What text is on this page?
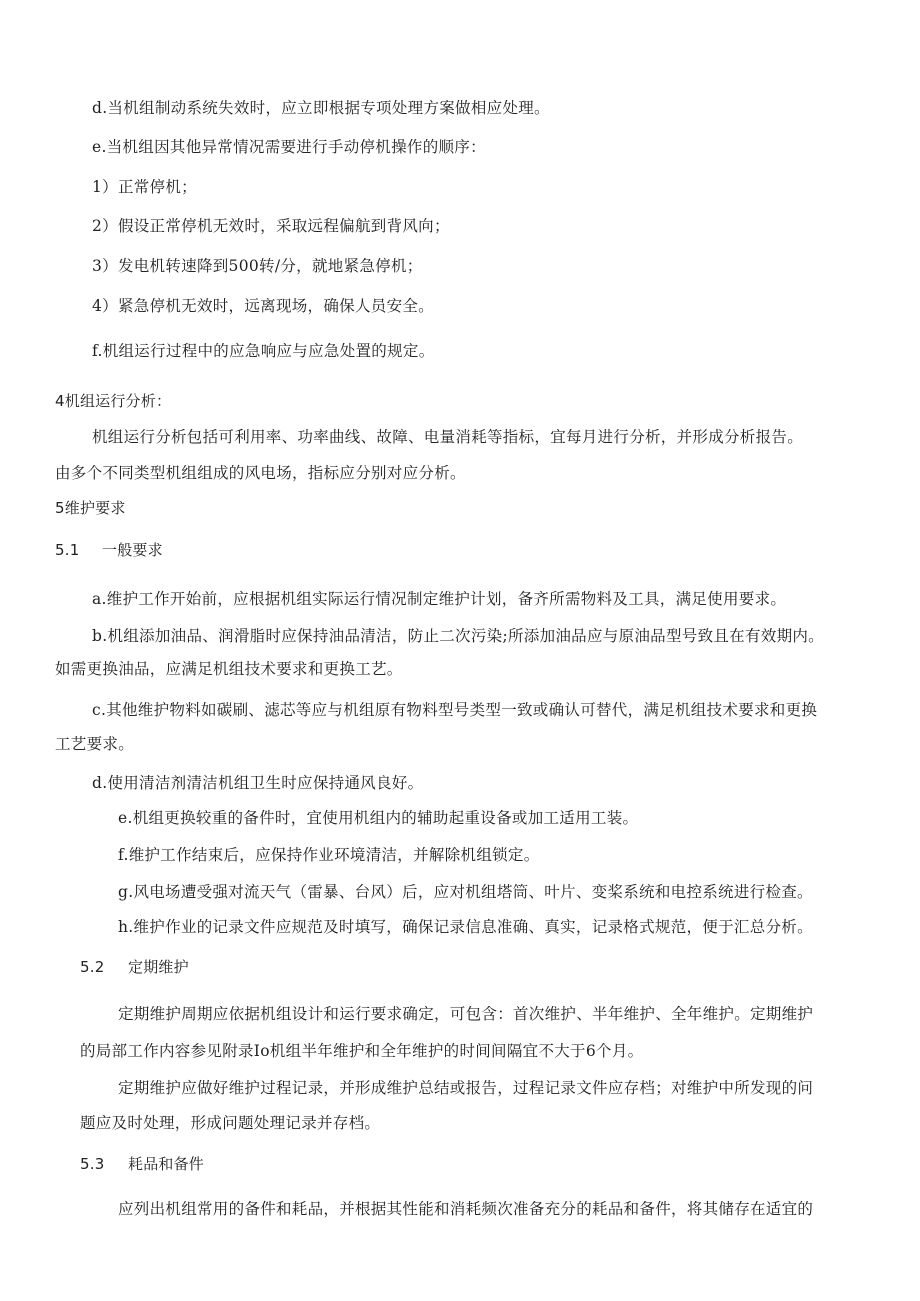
d.当机组制动系统失效时，应立即根据专项处理方案做相应处理。
e.当机组因其他异常情况需要进行手动停机操作的顺序：
1）正常停机；
2）假设正常停机无效时，采取远程偏航到背风向；
3）发电机转速降到500转/分，就地紧急停机；
4）紧急停机无效时，远离现场，确保人员安全。
f.机组运行过程中的应急响应与应急处置的规定。
4机组运行分析：
机组运行分析包括可利用率、功率曲线、故障、电量消耗等指标，宜每月进行分析，并形成分析报告。
由多个不同类型机组组成的风电场，指标应分别对应分析。
5维护要求
5.1 一般要求
a.维护工作开始前，应根据机组实际运行情况制定维护计划，备齐所需物料及工具，满足使用要求。
b.机组添加油品、润滑脂时应保持油品清洁，防止二次污染;所添加油品应与原油品型号致且在有效期内。
如需更换油品，应满足机组技术要求和更换工艺。
c.其他维护物料如碳刷、滤芯等应与机组原有物料型号类型一致或确认可替代，满足机组技术要求和更换
工艺要求。
d.使用清洁剂清洁机组卫生时应保持通风良好。
e.机组更换较重的备件时，宜使用机组内的辅助起重设备或加工适用工装。
f.维护工作结束后，应保持作业环境清洁，并解除机组锁定。
g.风电场遭受强对流天气（雷暴、台风）后，应对机组塔筒、叶片、变桨系统和电控系统进行检查。
h.维护作业的记录文件应规范及时填写，确保记录信息准确、真实，记录格式规范，便于汇总分析。
5.2 定期维护
定期维护周期应依据机组设计和运行要求确定，可包含：首次维护、半年维护、全年维护。定期维护
的局部工作内容参见附录Io机组半年维护和全年维护的时间间隔宜不大于6个月。
定期维护应做好维护过程记录，并形成维护总结或报告，过程记录文件应存档；对维护中所发现的问
题应及时处理，形成问题处理记录并存档。
5.3 耗品和备件
应列出机组常用的备件和耗品，并根据其性能和消耗频次准备充分的耗品和备件，将其储存在适宜的
